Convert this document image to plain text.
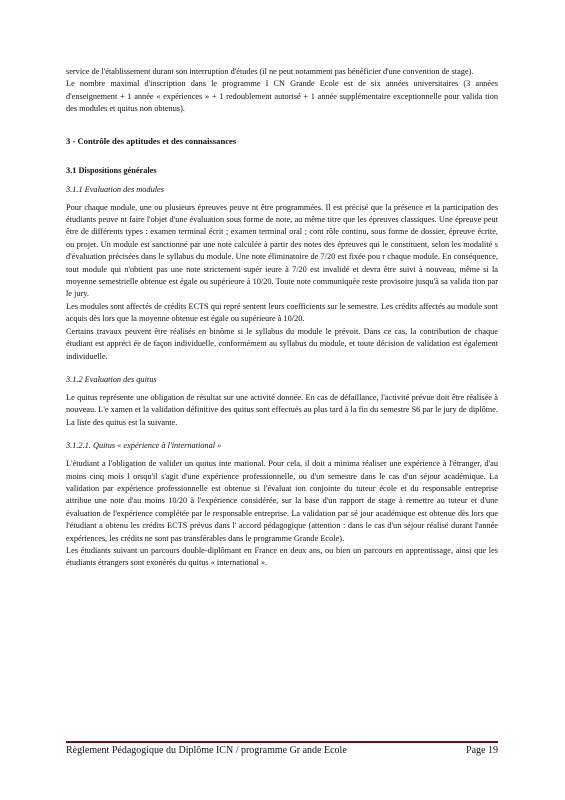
service de l'établissement durant son interruption d'études (il ne peut notamment pas bénéficier d'une convention de stage).

Le nombre maximal d'inscription dans le programme I CN Grande Ecole est de six années universitaires (3 années d'enseignement + 1 année « expériences » + 1 redoublement autorisé + 1 année supplémentaire exceptionnelle pour valida tion des modules et quitus non obtenus).

3 - Contrôle des aptitudes et des connaissances
3.1 Dispositions générales
3.1.1 Evaluation des modules

Pour chaque module, une ou plusieurs épreuves peuve nt être programmées. Il est précisé que la présence et la participation des étudiants peuve nt faire l'objet d'une évaluation sous forme de note, au même titre que les épreuves classiques. Une épreuve peut être de différents types : examen terminal écrit ; examen terminal oral ; cont rôle continu, sous forme de dossier, épreuve écrite, ou projet. Un module est sanctionné par une note calculée à partir des notes des épreuves qui le constituent, selon les modalité s d'évaluation précisées dans le syllabus du module. Une note éliminatoire de 7/20 est fixée pou r chaque module. En conséquence, tout module qui n'obtient pas une note strictement supér ieure à 7/20 est invalidé et devra être suivi à nouveau, même si la moyenne semestrielle obtenue est égale ou supérieure à 10/20. Toute note communiquée reste provisoire jusqu'à sa valida tion par le jury.

Les modules sont affectés de crédits ECTS qui repré sentent leurs coefficients sur le semestre. Les crédits affectés au module sont acquis dès lors que la moyenne obtenue est égale ou supérieure à 10/20.

Certains travaux peuvent être réalisés en binôme si le syllabus du module le prévoit. Dans ce cas, la contribution de chaque étudiant est appréci ée de façon individuelle, conformément au syllabus du module, et toute décision de validation est également individuelle.

3.1.2 Evaluation des quitus

Le quitus représente une obligation de résultat sur une activité donnée. En cas de défaillance, l'activité prévue doit être réalisée à nouveau. L'e xamen et la validation définitive des quitus sont effectués au plus tard à la fin du semestre S6 par le jury de diplôme. La liste des quitus est la suivante.

3.1.2.1. Quitus « expérience à l'international »

L'étudiant a l'obligation de valider un quitus inte rnational. Pour cela, il doit a minima réaliser une expérience à l'étranger, d'au moins cinq mois l orsqu'il s'agit d'une expérience professionnelle, ou d'un semestre dans le cas d'un séjour académique. La validation par expérience professionnelle est obtenue si l'évaluat ion conjointe du tuteur école et du responsable entreprise attribue une note d'au moins 10/20 à l'expérience considérée, sur la base d'un rapport de stage à remettre au tuteur et d'une évaluation de l'expérience complétée par le responsable entreprise. La validation par sé jour académique est obtenue dès lors que l'étudiant a obtenu les crédits ECTS prévus dans l' accord pédagogique (attention : dans le cas d'un séjour réalisé durant l'année expériences, les crédits ne sont pas transférables dans le programme Grande Ecole).

Les étudiants suivant un parcours double-diplômant en France en deux ans, ou bien un parcours en apprentissage, ainsi que les étudiants étrangers sont exonérés du quitus « international ».

Règlement Pédagogique du Diplôme ICN / programme Gr ande Ecole	Page 19
